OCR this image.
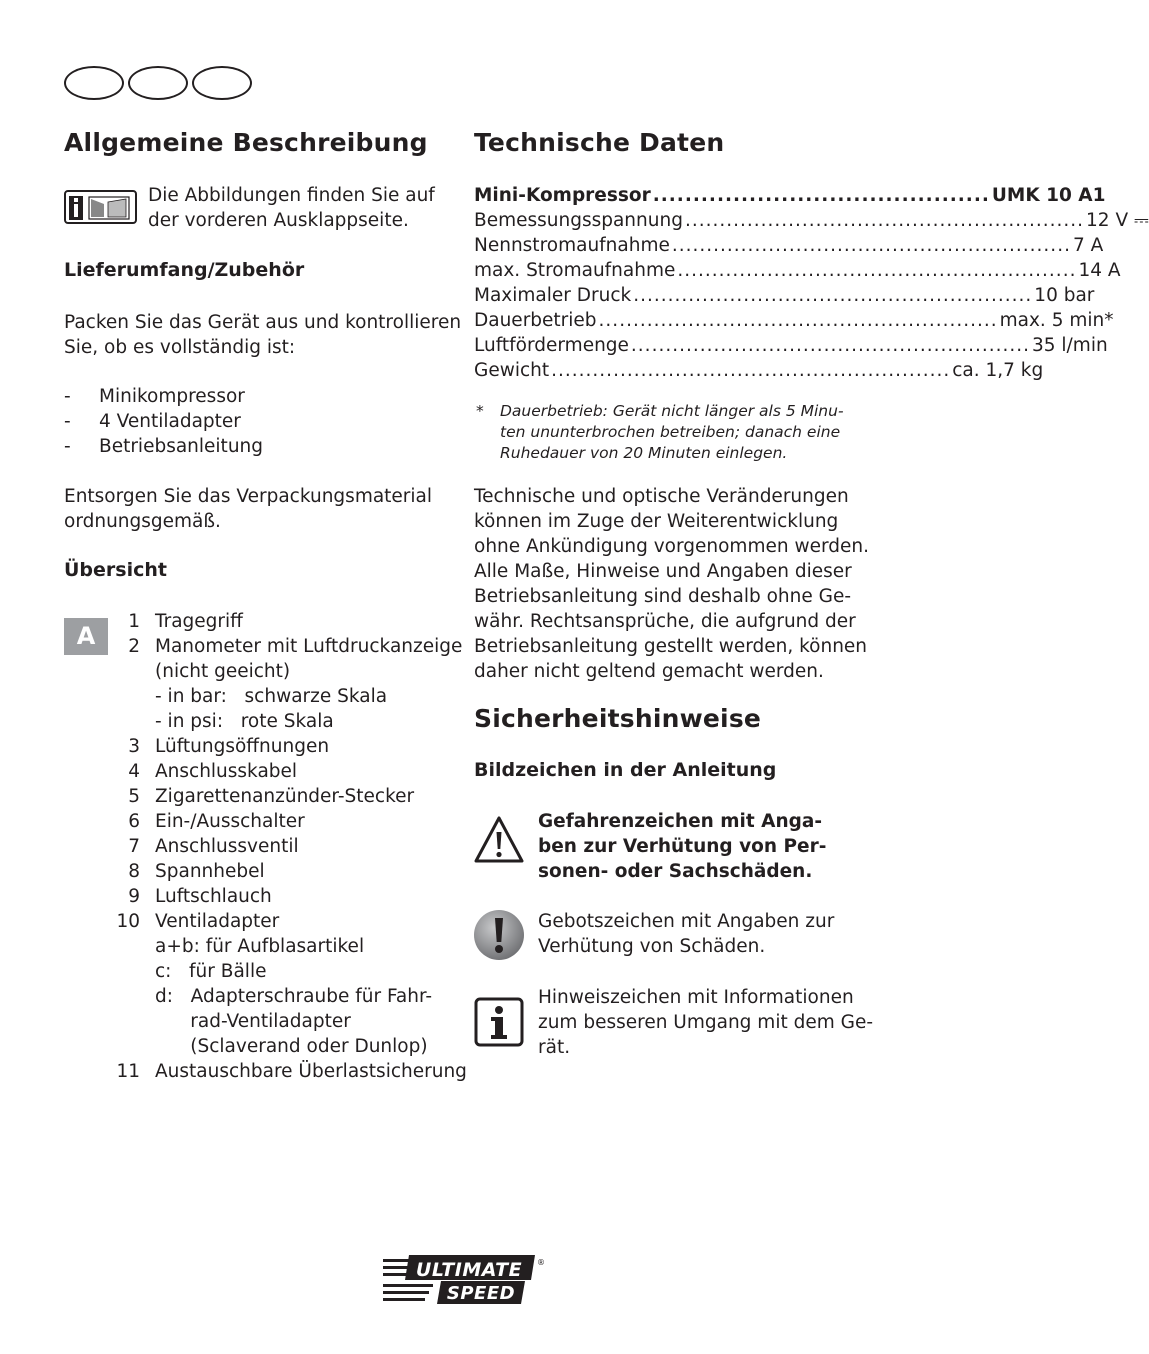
Allgemeine Beschreibung
Die Abbildungen finden Sie auf
der vorderen Ausklappseite.
Lieferumfang/Zubehör
Packen Sie das Gerät aus und kontrollieren
Sie, ob es vollständig ist:
- Minikompressor
- 4 Ventiladapter
- Betriebsanleitung
Entsorgen Sie das Verpackungsmaterial
ordnungsgemäß.
Übersicht
A
1 Tragegriff
2 Manometer mit Luftdruckanzeige
(nicht geeicht)
- in bar:   schwarze Skala
- in psi:   rote Skala
3 Lüftungsöffnungen
4 Anschlusskabel
5 Zigarettenanzünder-Stecker
6 Ein-/Ausschalter
7 Anschlussventil
8 Spannhebel
9 Luftschlauch
10 Ventiladapter
a+b: für Aufblasartikel
c:   für Bälle
d:   Adapterschraube für Fahr-
rad-Ventiladapter
(Sclaverand oder Dunlop)
11 Austauschbare Überlastsicherung
Technische Daten
Mini-Kompressor .......................................... UMK 10 A1
Bemessungsspannung .......................................................... 12 V ⎓
Nennstromaufnahme .......................................................... 7 A
max. Stromaufnahme .......................................................... 14 A
Maximaler Druck .......................................................... 10 bar
Dauerbetrieb .......................................................... max. 5 min*
Luftfördermenge .......................................................... 35 l/min
Gewicht .......................................................... ca. 1,7 kg
* Dauerbetrieb: Gerät nicht länger als 5 Minu-
ten ununterbrochen betreiben; danach eine
Ruhedauer von 20 Minuten einlegen.
Technische und optische Veränderungen
können im Zuge der Weiterentwicklung
ohne Ankündigung vorgenommen werden.
Alle Maße, Hinweise und Angaben dieser
Betriebsanleitung sind deshalb ohne Ge-
währ. Rechtsansprüche, die aufgrund der
Betriebsanleitung gestellt werden, können
daher nicht geltend gemacht werden.
Sicherheitshinweise
Bildzeichen in der Anleitung
Gefahrenzeichen mit Anga-
ben zur Verhütung von Per-
sonen- oder Sachschäden.
Gebotszeichen mit Angaben zur
Verhütung von Schäden.
Hinweiszeichen mit Informationen
zum besseren Umgang mit dem Ge-
rät.
ULTIMATE
SPEED
®
